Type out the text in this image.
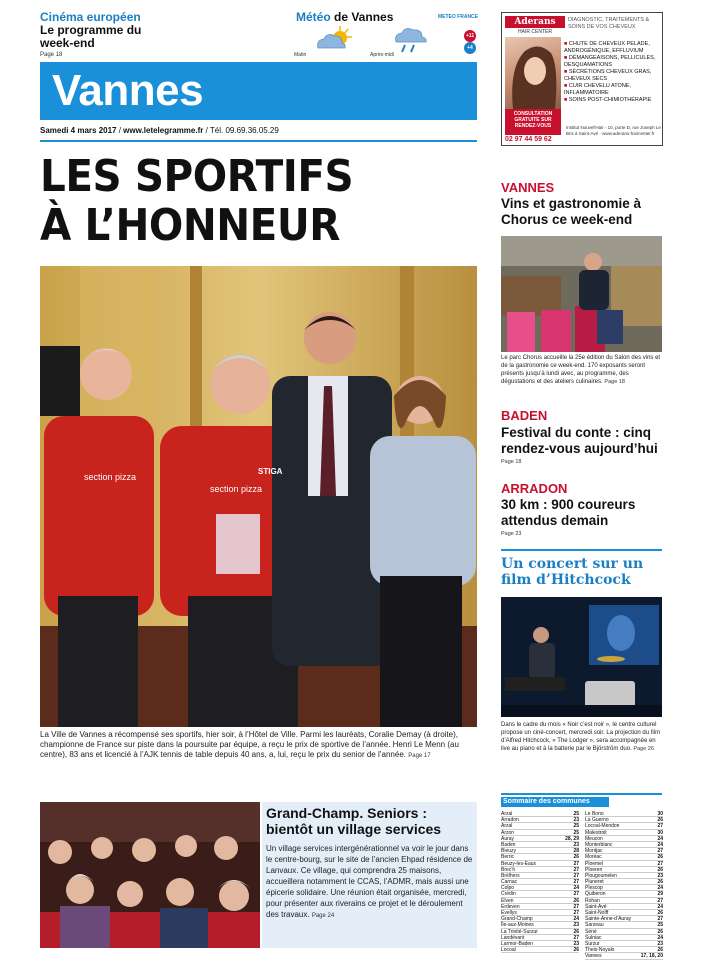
Cinéma européen
Le programme du week-end
Page 18
Météo de Vannes	METEO FRANCE
+11
+4
Matin	Après-midi
Vannes
Samedi 4 mars 2017 / www.letelegramme.fr / Tél. 09.69.36.05.29
Aderans
HAIR CENTER
DIAGNOSTIC, TRAITEMENTS & SOINS DE VOS CHEVEUX
■ CHUTE DE CHEVEUX PELADE, ANDROGÉNIQUE, EFFLUVIUM
■ DÉMANGEAISONS, PELLICULES, DESQUAMATIONS
■ SÉCRÉTIONS CHEVEUX GRAS, CHEVEUX SECS
■ CUIR CHEVELU ATONE, INFLAMMATOIRE
■ SOINS POST-CHIMIOTHÉRAPIE
CONSULTATION GRATUITE SUR RENDEZ-VOUS
02 97 44 59 62
Institut Nouvel'Hair - 10, porte D, rue Joseph Le Brix à Saint-Avé · www.aderans-haircenter.fr
LES SPORTIFS
À L’HONNEUR
section pizza
section pizza
STIGA
La Ville de Vannes a récompensé ses sportifs, hier soir, à l’Hôtel de Ville. Parmi les lauréats, Coralie Demay (à droite), championne de France sur piste dans la poursuite par équipe, a reçu le prix de sportive de l’année. Henri Le Menn (au centre), 83 ans et licencié à l’AJK tennis de table depuis 40 ans, a, lui, reçu le prix du senior de l’année. Page 17
Grand-Champ. Seniors : bientôt un village services
Un village services intergénérationnel va voir le jour dans le centre-bourg, sur le site de l’ancien Ehpad résidence de Lanvaux. Ce village, qui comprendra 25 maisons, accueillera notamment le CCAS, l’ADMR, mais aussi une épicerie solidaire. Une réunion était organisée, mercredi, pour présenter aux riverains ce projet et le déroulement des travaux. Page 24
VANNES
Vins et gastronomie à Chorus ce week-end
Le parc Chorus accueille la 25e édition du Salon des vins et de la gastronomie ce week-end. 170 exposants seront présents jusqu’à lundi avec, au programme, des dégustations et des ateliers culinaires. Page 18
BADEN
Festival du conte : cinq rendez-vous aujourd’hui
Page 18
ARRADON
30 km : 900 coureurs attendus demain
Page 23
Un concert sur un film d’Hitchcock
Dans le cadre du mois « Noir c’est noir », le centre culturel propose un ciné-concert, mercredi soir. La projection du film d’Alfred Hitchcock, « The Lodger », sera accompagnée en live au piano et à la batterie par le Björström duo. Page 26
Sommaire des communes
Arzal	25
Arradon	23
Arzal	25
Arzon	25
Auray	28, 29
Baden	23
Bieuzy	28
Berric	26
Beuzy-les-Eaux	27
Brec’h	27
Brélhers	27
Carnac	27
Colpo	24
Crédin	27
Elven	26
Erdeven	27
Evellys	27
Grand-Champ	24
Île-aux-Moines	23
La Trinité-Surzur	26
Landévant	27
Larmor-Baden	23
Locoal	26
Le Bono	30
La Guerno	26
Locoal-Mendon	27
Malestroit	30
Meucon	24
Monterblanc	24
Montjac	27
Moréac	26
Ploemel	27
Ploeren	26
Plougoumelen	23
Pluneret	26
Plescop	24
Quiberon	29
Rohan	27
Saint-Avé	24
Saint-Nolff	26
Sainte-Anne-d’Auray	27
Sarzeau	25
Séné	26
Sulniac	24
Surzur	23
Theix-Noyalo	26
Vannes	17, 18, 20
